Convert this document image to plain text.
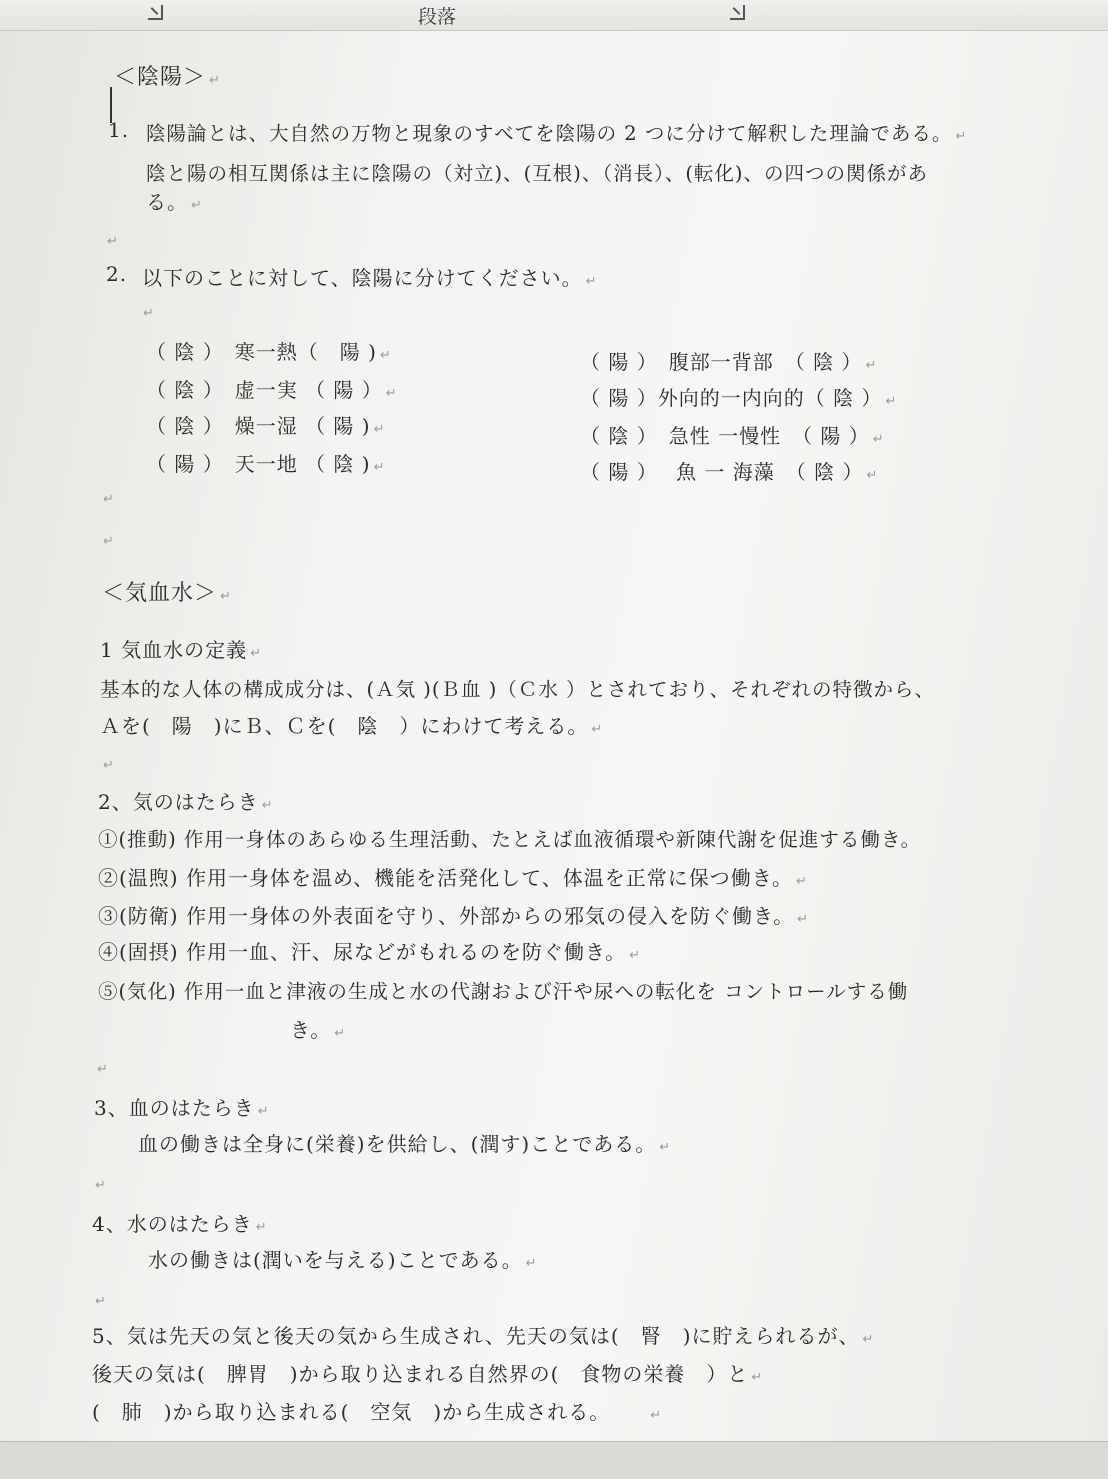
段落
＜陰陽＞ ↵
1. 陰陽論とは、大自然の万物と現象のすべてを陰陽の 2 つに分けて解釈した理論である。 ↵
陰と陽の相互関係は主に陰陽の（対立)、(互根)、（消長）、(転化)、の四つの関係があ
る。 ↵
↵
2. 以下のことに対して、陰陽に分けてください。 ↵
↵
（ 陰 ）　寒一熱（　陽 ) ↵
（ 陰 ）　虚一実 （ 陽 ） ↵
（ 陰 ）　燥一湿 （ 陽 ) ↵
（ 陽 ）　天一地 （ 陰 ) ↵
（ 陽 ）　腹部一背部　（ 陰 ） ↵
（ 陽 ）外向的一内向的（ 陰 ） ↵
（ 陰 ）　急性 一慢性　（ 陽 ） ↵
（ 陽 ）　 魚 一 海藻　（ 陰 ） ↵
↵
↵
＜気血水＞ ↵
1 気血水の定義 ↵
基本的な人体の構成成分は、(Ａ気 )(Ｂ血 )（Ｃ水 ）とされており、それぞれの特徴から、
Ａを(　陽　)にＢ、Ｃを(　陰　）にわけて考える。 ↵
↵
2、気のはたらき ↵
①(推動) 作用一身体のあらゆる生理活動、たとえば血液循環や新陳代謝を促進する働き。
②(温煦) 作用一身体を温め、機能を活発化して、体温を正常に保つ働き。 ↵
③(防衛) 作用一身体の外表面を守り、外部からの邪気の侵入を防ぐ働き。 ↵
④(固摂) 作用一血、汗、尿などがもれるのを防ぐ働き。 ↵
⑤(気化) 作用一血と津液の生成と水の代謝および汗や尿への転化を コントロールする働
き。 ↵
↵
3、血のはたらき ↵
血の働きは全身に(栄養)を供給し、(潤す)ことである。 ↵
↵
4、水のはたらき ↵
水の働きは(潤いを与える)ことである。 ↵
↵
5、気は先天の気と後天の気から生成され、先天の気は(　腎　)に貯えられるが、 ↵
後天の気は(　脾胃　)から取り込まれる自然界の(　食物の栄養　）と ↵
(　肺　)から取り込まれる(　空気　)から生成される。	↵
